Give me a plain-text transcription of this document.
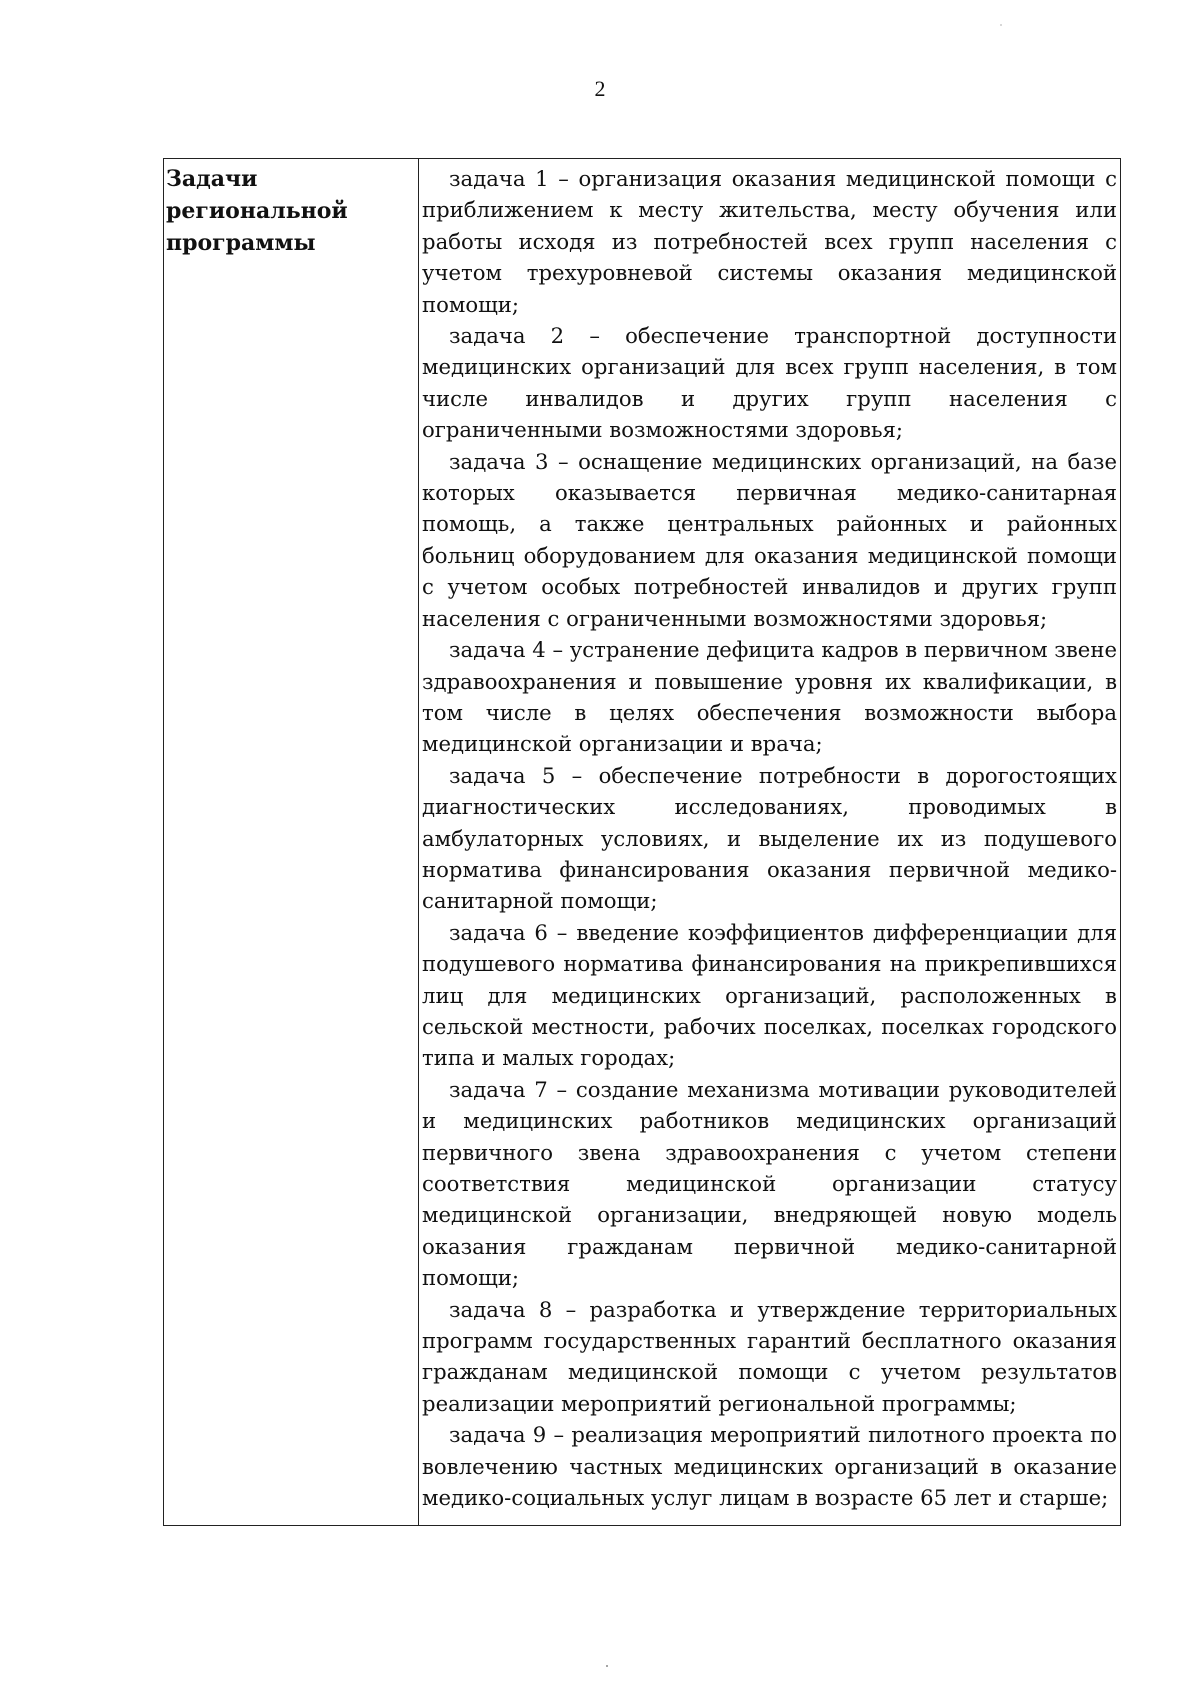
2
Задачи
региональной
программы

задача 1 – организация оказания медицинской помощи с приближением к месту жительства, месту обучения или работы исходя из потребностей всех групп населения с учетом трехуровневой системы оказания медицинской помощи;

задача 2 – обеспечение транспортной доступности медицинских организаций для всех групп населения, в том числе инвалидов и других групп населения с ограниченными возможностями здоровья;

задача 3 – оснащение медицинских организаций, на базе которых оказывается первичная медико-санитарная помощь, а также центральных районных и районных больниц оборудованием для оказания медицинской помощи с учетом особых потребностей инвалидов и других групп населения с ограниченными возможностями здоровья;

задача 4 – устранение дефицита кадров в первичном звене здравоохранения и повышение уровня их квалификации, в том числе в целях обеспечения возможности выбора медицинской организации и врача;

задача 5 – обеспечение потребности в дорогостоящих диагностических исследованиях, проводимых в амбулаторных условиях, и выделение их из подушевого норматива финансирования оказания первичной медико-санитарной помощи;

задача 6 – введение коэффициентов дифференциации для подушевого норматива финансирования на прикрепившихся лиц для медицинских организаций, расположенных в сельской местности, рабочих поселках, поселках городского типа и малых городах;

задача 7 – создание механизма мотивации руководителей и медицинских работников медицинских организаций первичного звена здравоохранения с учетом степени соответствия медицинской организации статусу медицинской организации, внедряющей новую модель оказания гражданам первичной медико-санитарной помощи;

задача 8 – разработка и утверждение территориальных программ государственных гарантий бесплатного оказания гражданам медицинской помощи с учетом результатов реализации мероприятий региональной программы;

задача 9 – реализация мероприятий пилотного проекта по вовлечению частных медицинских организаций в оказание медико-социальных услуг лицам в возрасте 65 лет и старше;
